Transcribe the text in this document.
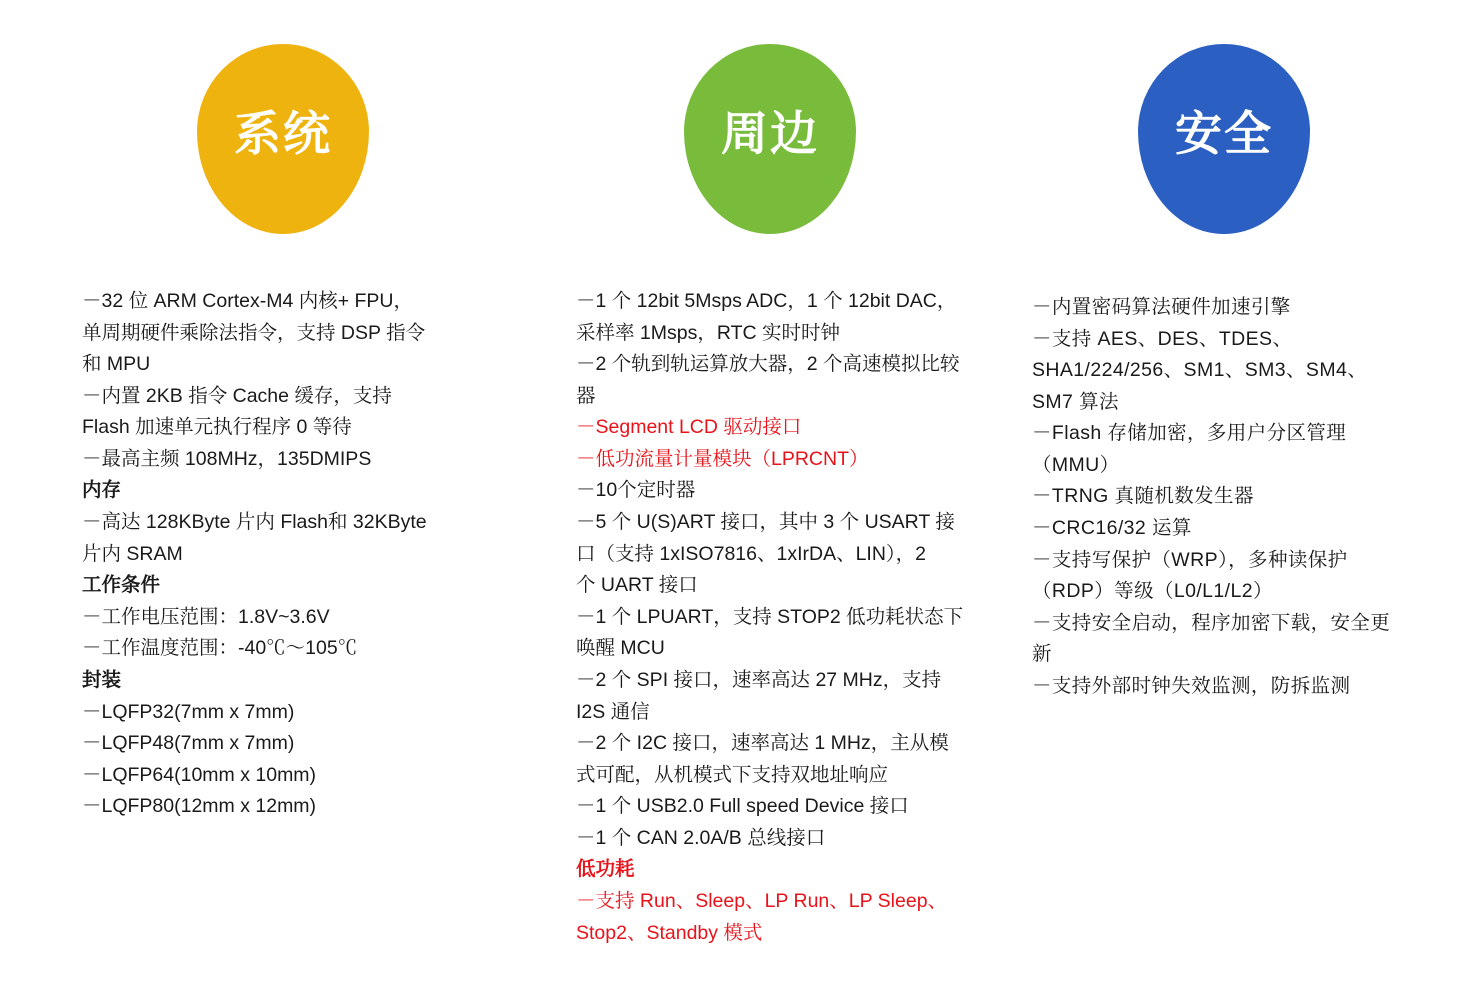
系统
－32 位 ARM Cortex-M4 内核+ FPU，
单周期硬件乘除法指令，支持 DSP 指令
和 MPU
－内置 2KB 指令 Cache 缓存，支持
Flash 加速单元执行程序 0 等待
－最高主频 108MHz，135DMIPS
内存
－高达 128KByte 片内 Flash和 32KByte
片内 SRAM
工作条件
－工作电压范围：1.8V~3.6V
－工作温度范围：-40℃～105℃
封装
－LQFP32(7mm x 7mm)
－LQFP48(7mm x 7mm)
－LQFP64(10mm x 10mm)
－LQFP80(12mm x 12mm)
周边
－1 个 12bit 5Msps ADC，1 个 12bit DAC，
采样率 1Msps，RTC 实时时钟
－2 个轨到轨运算放大器，2 个高速模拟比较
器
－Segment LCD 驱动接口
－低功流量计量模块（LPRCNT）
－10个定时器
－5 个 U(S)ART 接口，其中 3 个 USART 接
口（支持 1xISO7816、1xIrDA、LIN），2
个 UART 接口
－1 个 LPUART，支持 STOP2 低功耗状态下
唤醒 MCU
－2 个 SPI 接口，速率高达 27 MHz，支持
I2S 通信
－2 个 I2C 接口，速率高达 1 MHz，主从模
式可配，从机模式下支持双地址响应
－1 个 USB2.0 Full speed Device 接口
－1 个 CAN 2.0A/B 总线接口
低功耗
－支持 Run、Sleep、LP Run、LP Sleep、
Stop2、Standby 模式
安全
－内置密码算法硬件加速引擎
－支持 AES、DES、TDES、
SHA1/224/256、SM1、SM3、SM4、
SM7 算法
－Flash 存储加密，多用户分区管理
（MMU）
－TRNG 真随机数发生器
－CRC16/32 运算
－支持写保护（WRP），多种读保护
（RDP）等级（L0/L1/L2）
－支持安全启动，程序加密下载，安全更
新
－支持外部时钟失效监测，防拆监测
